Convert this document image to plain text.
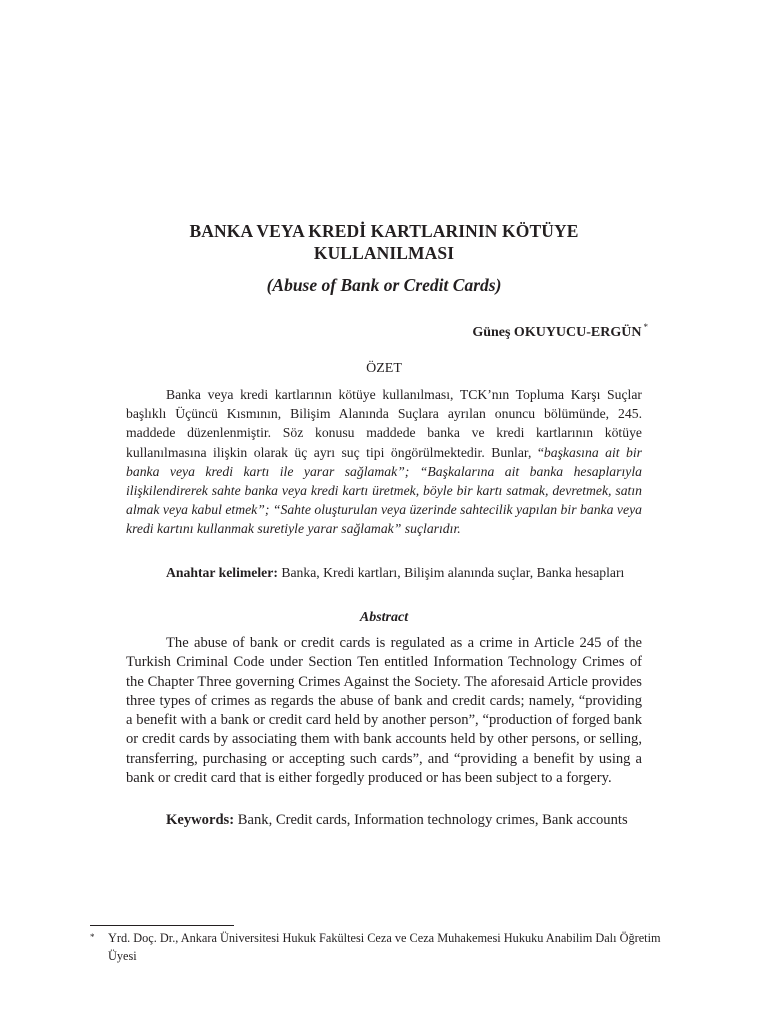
BANKA VEYA KREDİ KARTLARININ KÖTÜYE
KULLANILMASI
(Abuse of Bank or Credit Cards)
Güneş OKUYUCU-ERGÜN *
ÖZET
Banka veya kredi kartlarının kötüye kullanılması, TCK’nın Topluma Karşı Suçlar başlıklı Üçüncü Kısmının, Bilişim Alanında Suçlara ayrılan onuncu bölümünde, 245. maddede düzenlenmiştir. Söz konusu maddede banka ve kredi kartlarının kötüye kullanılmasına ilişkin olarak üç ayrı suç tipi öngörülmektedir. Bunlar, “başkasına ait bir banka veya kredi kartı ile yarar sağlamak”; “Başkalarına ait banka hesaplarıyla ilişkilendirerek sahte banka veya kredi kartı üretmek, böyle bir kartı satmak, devretmek, satın almak veya kabul etmek”; “Sahte oluşturulan veya üzerinde sahtecilik yapılan bir banka veya kredi kartını kullanmak suretiyle yarar sağlamak” suçlarıdır.
Anahtar kelimeler: Banka, Kredi kartları, Bilişim alanında suçlar, Banka hesapları
Abstract
The abuse of bank or credit cards is regulated as a crime in Article 245 of the Turkish Criminal Code under Section Ten entitled Information Technology Crimes of the Chapter Three governing Crimes Against the Society. The aforesaid Article provides three types of crimes as regards the abuse of bank and credit cards; namely, “providing a benefit with a bank or credit card held by another person”, “production of forged bank or credit cards by associating them with bank accounts held by other persons, or selling, transferring, purchasing or accepting such cards”, and “providing a benefit by using a bank or credit card that is either forgedly produced or has been subject to a forgery.
Keywords: Bank, Credit cards, Information technology crimes, Bank accounts
* Yrd. Doç. Dr., Ankara Üniversitesi Hukuk Fakültesi Ceza ve Ceza Muhakemesi Hukuku Anabilim Dalı Öğretim Üyesi
